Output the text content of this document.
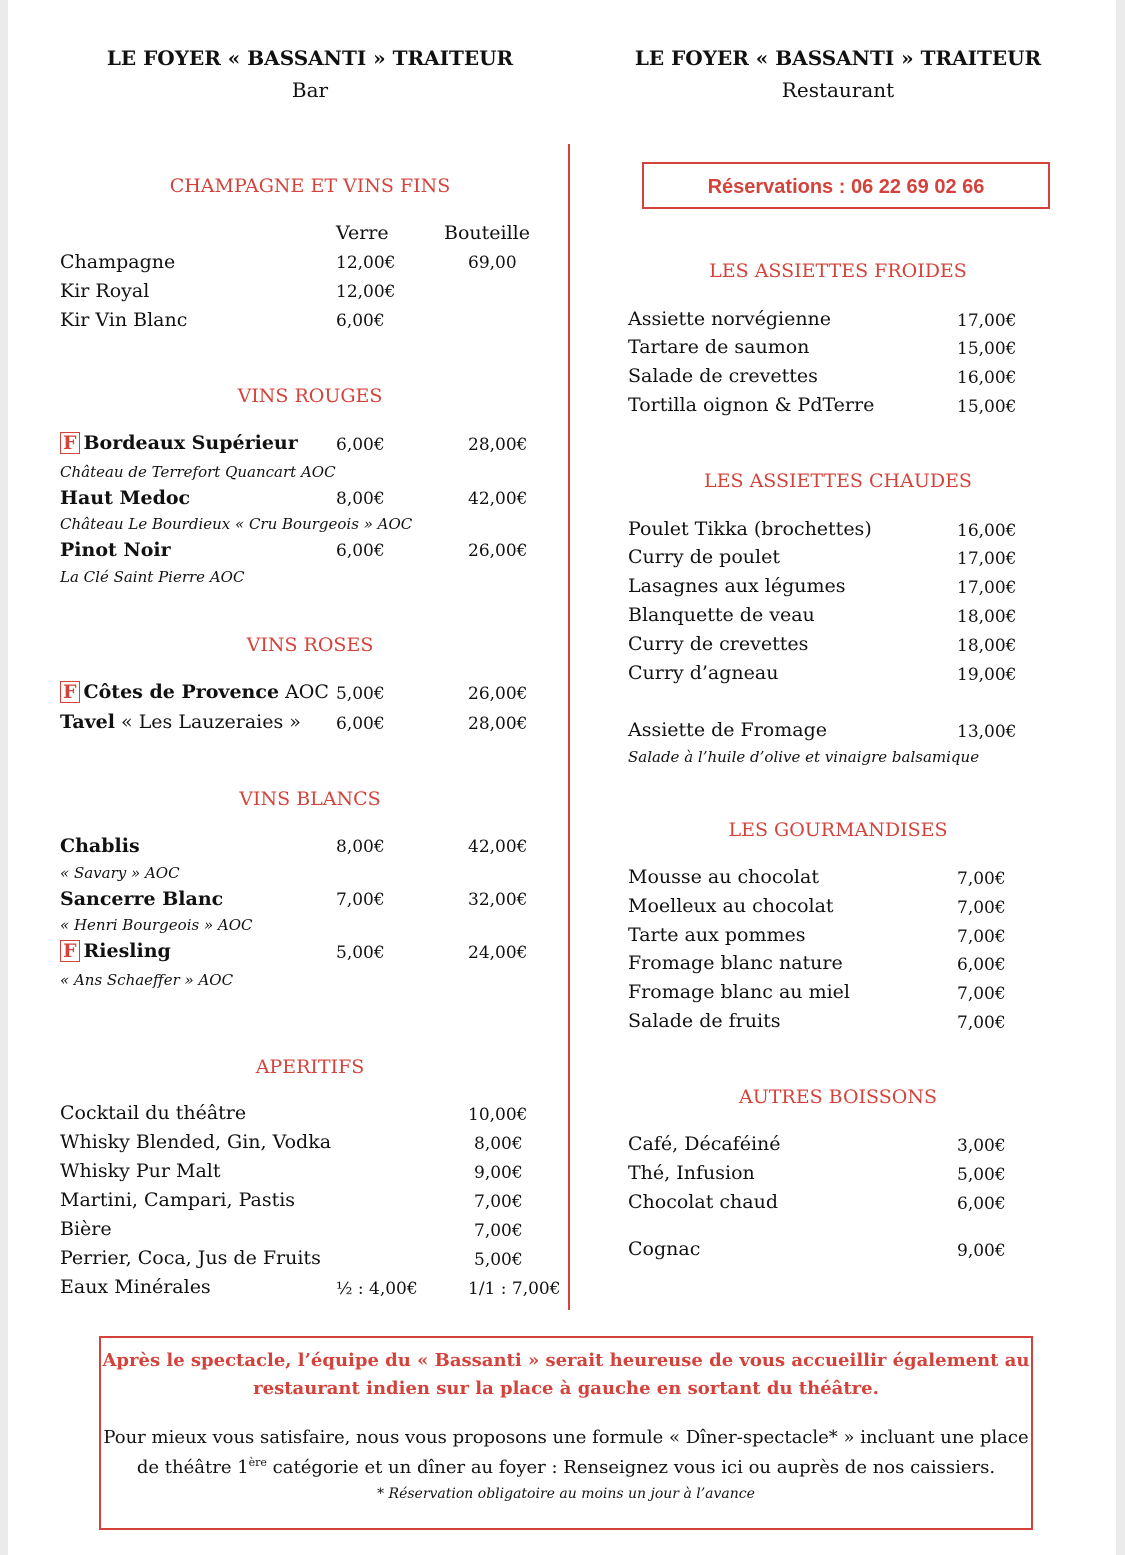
LE FOYER « BASSANTI » TRAITEUR
Bar
LE FOYER « BASSANTI » TRAITEUR
Restaurant
Réservations : 06 22 69 02 66
CHAMPAGNE ET VINS FINS
Verre	Bouteille
Champagne	12,00€	69,00
Kir Royal	12,00€
Kir Vin Blanc	6,00€
VINS ROUGES
F Bordeaux Supérieur 6,00€	28,00€
Château de Terrefort Quancart AOC
Haut Medoc	8,00€	42,00€
Château Le Bourdieux « Cru Bourgeois » AOC
Pinot Noir	6,00€	26,00€
La Clé Saint Pierre AOC
VINS ROSES
F Côtes de Provence AOC 5,00€	26,00€
Tavel « Les Lauzeraies » 6,00€	28,00€
VINS BLANCS
Chablis	8,00€	42,00€
« Savary » AOC
Sancerre Blanc	7,00€	32,00€
« Henri Bourgeois » AOC
F Riesling	5,00€	24,00€
« Ans Schaeffer » AOC
APERITIFS
Cocktail du théâtre	10,00€
Whisky Blended, Gin, Vodka	8,00€
Whisky Pur Malt	9,00€
Martini, Campari, Pastis	7,00€
Bière	7,00€
Perrier, Coca, Jus de Fruits	5,00€
Eaux Minérales	½ : 4,00€	1/1 : 7,00€
LES ASSIETTES FROIDES
Assiette norvégienne	17,00€
Tartare de saumon	15,00€
Salade de crevettes	16,00€
Tortilla oignon & PdTerre	15,00€
LES ASSIETTES CHAUDES
Poulet Tikka (brochettes)	16,00€
Curry de poulet	17,00€
Lasagnes aux légumes	17,00€
Blanquette de veau	18,00€
Curry de crevettes	18,00€
Curry d’agneau	19,00€
Assiette de Fromage	13,00€
Salade à l’huile d’olive et vinaigre balsamique
LES GOURMANDISES
Mousse au chocolat	7,00€
Moelleux au chocolat	7,00€
Tarte aux pommes	7,00€
Fromage blanc nature	6,00€
Fromage blanc au miel	7,00€
Salade de fruits	7,00€
AUTRES BOISSONS
Café, Décaféiné	3,00€
Thé, Infusion	5,00€
Chocolat chaud	6,00€
Cognac	9,00€
Après le spectacle, l’équipe du « Bassanti » serait heureuse de vous accueillir également au
restaurant indien sur la place à gauche en sortant du théâtre.
Pour mieux vous satisfaire, nous vous proposons une formule « Dîner-spectacle* » incluant une place
de théâtre 1ère catégorie et un dîner au foyer : Renseignez vous ici ou auprès de nos caissiers.
* Réservation obligatoire au moins un jour à l’avance
